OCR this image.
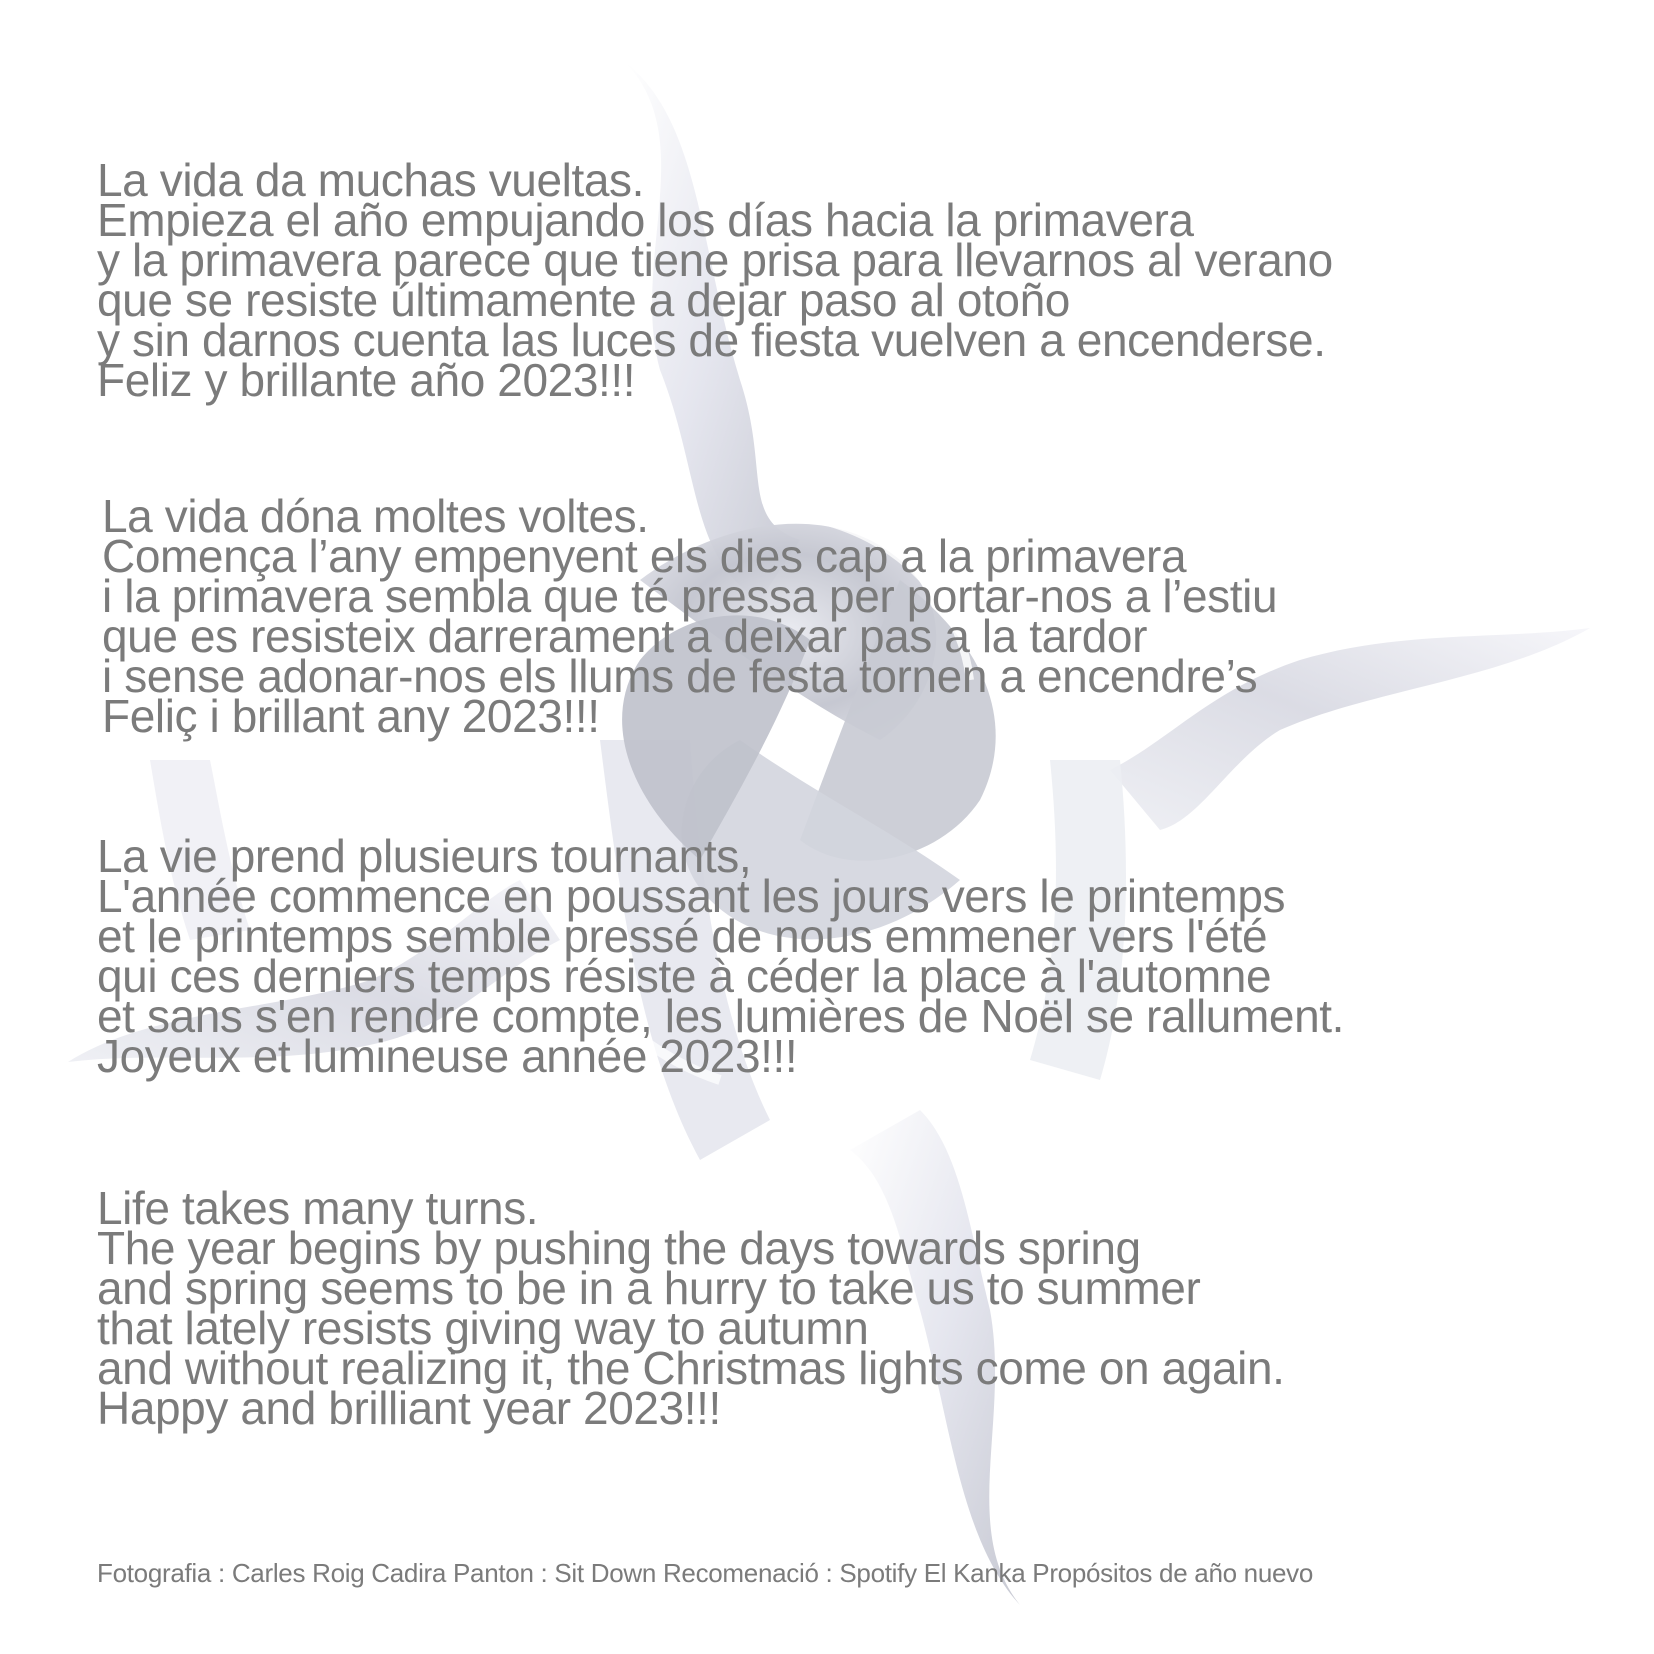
La vida da muchas vueltas.
Empieza el año empujando los días hacia la primavera
y la primavera parece que tiene prisa para llevarnos al verano
que se resiste últimamente a dejar paso al otoño
y sin darnos cuenta las luces de fiesta vuelven a encenderse.
Feliz y brillante año 2023!!!

La vida dóna moltes voltes.
Comença l’any empenyent els dies cap a la primavera
i la primavera sembla que té pressa per portar-nos a l’estiu
que es resisteix darrerament a deixar pas a la tardor
i sense adonar-nos els llums de festa tornen a encendre’s
Feliç i brillant any 2023!!!

La vie prend plusieurs tournants,
L'année commence en poussant les jours vers le printemps
et le printemps semble pressé de nous emmener vers l'été
qui ces derniers temps résiste à céder la place à l'automne
et sans s'en rendre compte, les lumières de Noël se rallument.
Joyeux et lumineuse année 2023!!!

Life takes many turns.
The year begins by pushing the days towards spring
and spring seems to be in a hurry to take us to summer
that lately resists giving way to autumn
and without realizing it, the Christmas lights come on again.
Happy and brilliant year 2023!!!

Fotografia : Carles Roig Cadira Panton : Sit Down Recomenació : Spotify El Kanka Propósitos de año nuevo
